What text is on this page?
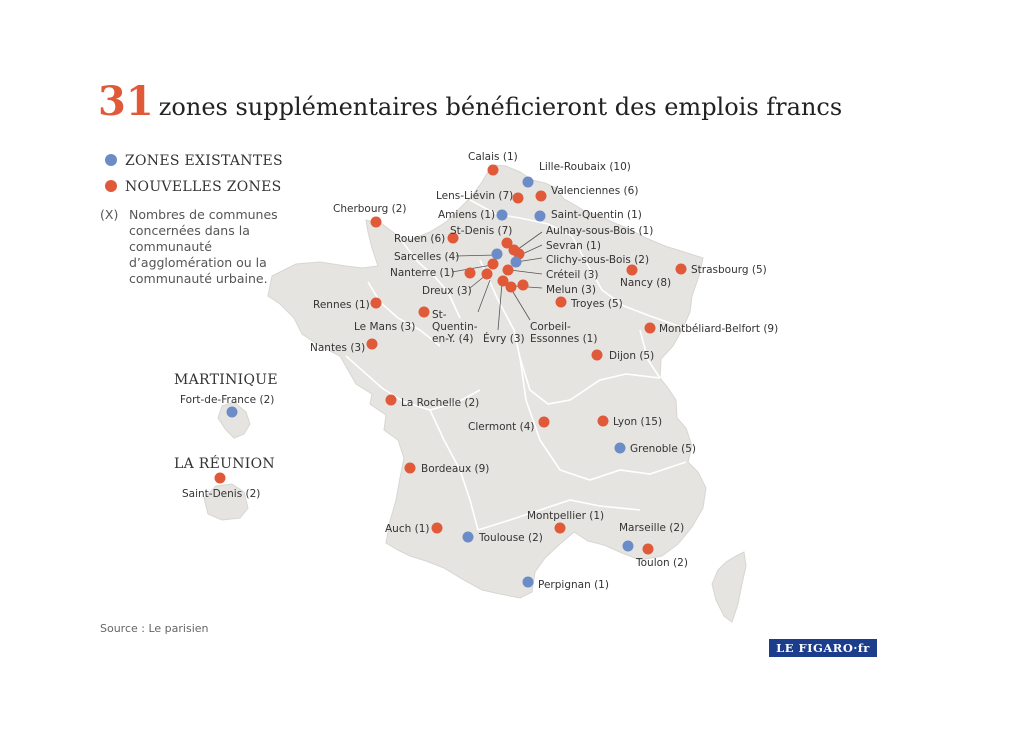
31 zones supplémentaires bénéficieront des emplois francs
ZONES EXISTANTES
NOUVELLES ZONES
(X) Nombres de communes
concernées dans la
communauté
d’agglomération ou la
communauté urbaine.
MARTINIQUE
LA RÉUNION
Calais (1)
Lille-Roubaix (10)
Lens-Liévin (7)	Valenciennes (6)
Amiens (1)	Saint-Quentin (1)
Cherbourg (2)
Rouen (6)
St-Denis (7)	Aulnay-sous-Bois (1)
Sevran (1)
Sarcelles (4)	Clichy-sous-Bois (2)
Nanterre (1)	Créteil (3)
Nancy (8)
Strasbourg (5)
Dreux (3)	Melun (3)
Rennes (1)	Troyes (5)
Le Mans (3)
St-Quentin-en-Y. (4) Évry (3)
Corbeil-Essonnes (1)
Montbéliard-Belfort (9)
Nantes (3)
Dijon (5)
Fort-de-France (2)	La Rochelle (2)
Clermont (4)	Lyon (15)
Grenoble (5)
Saint-Denis (2)
Bordeaux (9)
Montpellier (1)
Marseille (2)
Auch (1)
Toulouse (2)
Toulon (2)
Perpignan (1)
Source : Le parisien
LE FIGARO·fr
